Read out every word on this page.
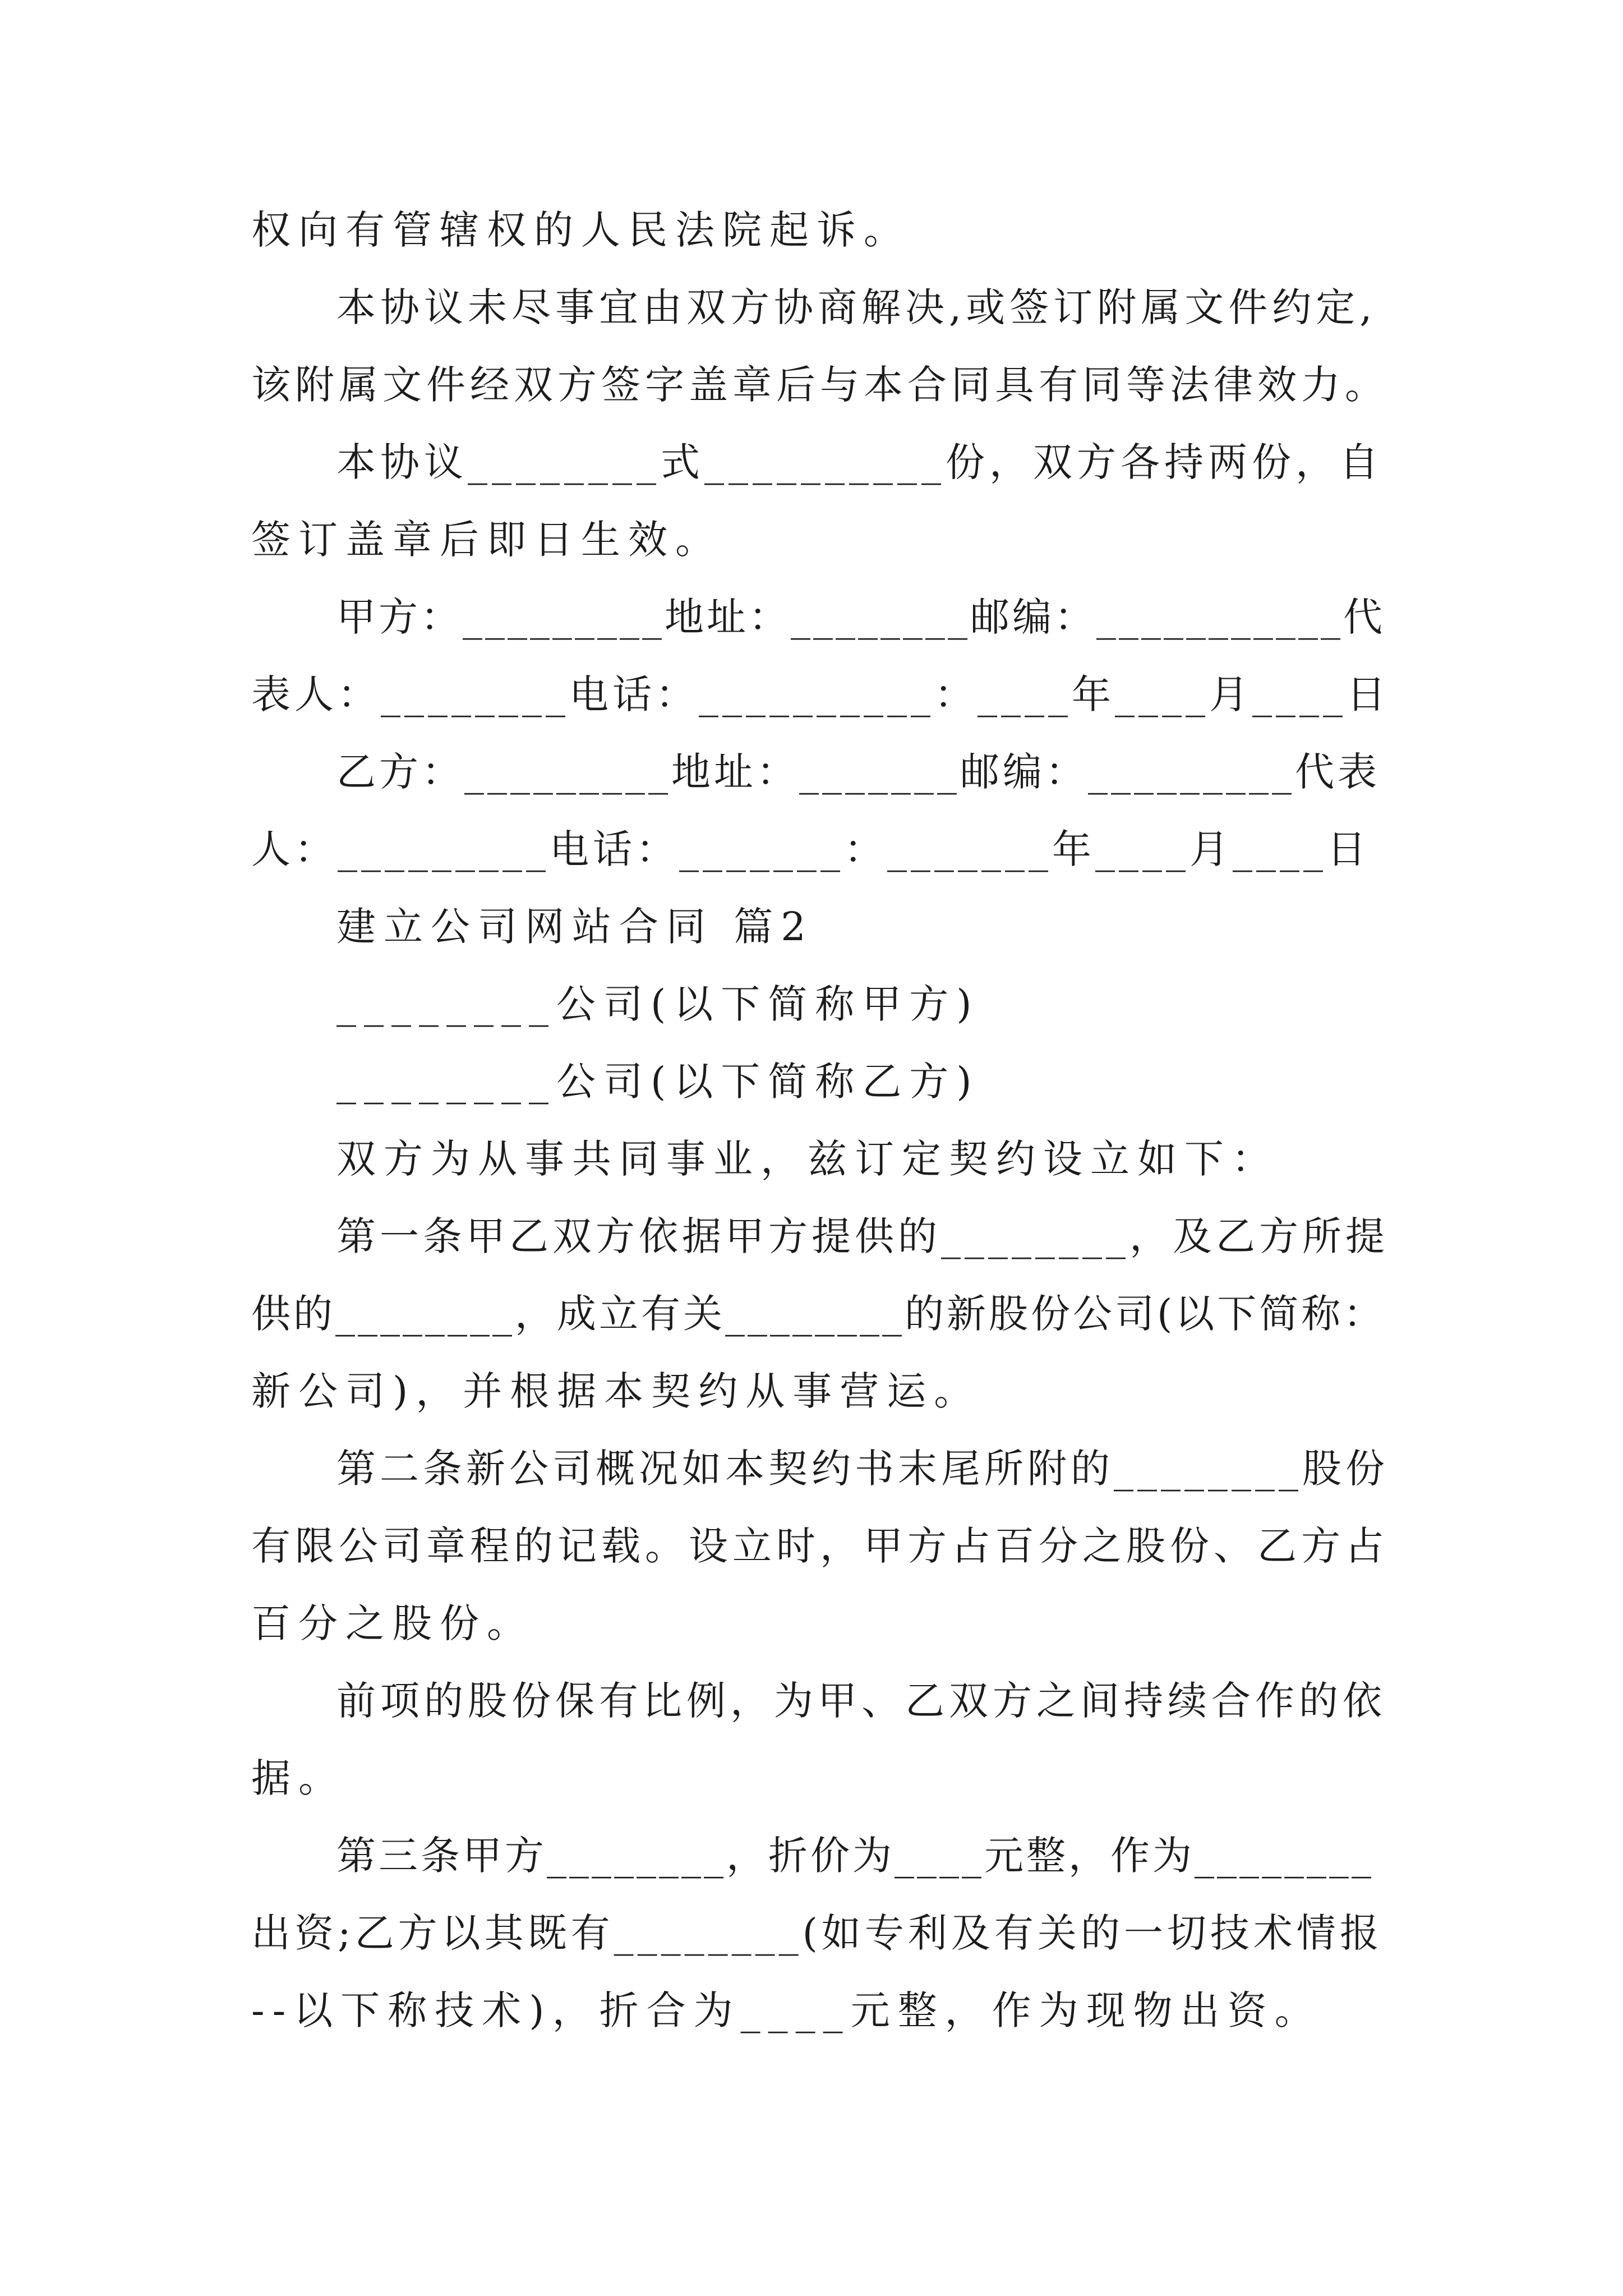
权向有管辖权的人民法院起诉。
本协议未尽事宜由双方协商解决,或签订附属文件约定,
该附属文件经双方签字盖章后与本合同具有同等法律效力。
本协议________式__________份，双方各持两份，自
签订盖章后即日生效。
甲方：_________地址：________邮编：___________代
表人：________电话：__________：____年____月____日
乙方：_________地址：_______邮编：_________代表
人：_________电话：_______：_______年____月____日
建立公司网站合同 篇2
________公司(以下简称甲方)
________公司(以下简称乙方)
双方为从事共同事业，兹订定契约设立如下：
第一条甲乙双方依据甲方提供的________，及乙方所提
供的________，成立有关________的新股份公司(以下简称：
新公司)，并根据本契约从事营运。
第二条新公司概况如本契约书末尾所附的________股份
有限公司章程的记载。设立时，甲方占百分之股份、乙方占
百分之股份。
前项的股份保有比例，为甲、乙双方之间持续合作的依
据。
第三条甲方________，折价为____元整，作为________
出资;乙方以其既有________(如专利及有关的一切技术情报
--以下称技术)，折合为____元整，作为现物出资。
